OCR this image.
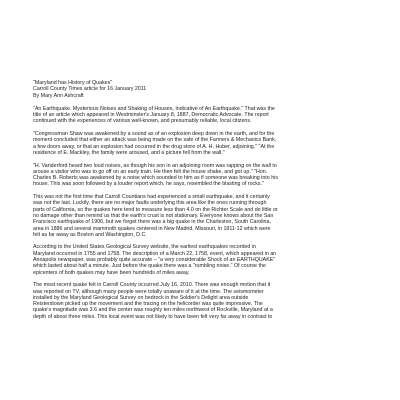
"Maryland has History of Quakes"
Carroll County Times article for 16 January 2011
By Mary Ann Ashcraft
"An Earthquake. Mysterious Noises and Shaking of Houses, Indicative of An Earthquake." That was the
title of an article which appeared in Westminster's January 8, 1887, Democratic Advocate. The report
continued with the experiences of various well-known, and presumably reliable, local citizens.
"Congressman Shaw was awakened by a sound as of an explosion deep down in the earth, and for the
moment concluded that either an attack was being made on the safe of the Farmers & Mechanics Bank,
a few doors away, or that an explosion had occurred in the drug store of A. H. Huber, adjoining." "At the
residence of E. Mackley, the family were aroused, and a picture fell from the wall."
"H. Vanderford heard two loud noises, as though his son in an adjoining room was rapping on the wall to
arouse a visitor who was to go off on an early train. He then felt the house shake, and got up." "Hon.
Charles B. Roberts was awakened by a noise which sounded to him as if someone was breaking into his
house. This was soon followed by a louder report which, he says, resembled the blasting of rocks."
This was not the first time that Carroll Countians had experienced a small earthquake, and it certainly
was not the last. Luckily, there are no major faults underlying this area like the ones running through
parts of California, so the quakes here tend to measure less than 4.0 on the Richter Scale and do little or
no damage other than remind us that the earth's crust is not stationary. Everyone knows about the San
Francisco earthquake of 1906, but we forget there was a big quake in the Charleston, South Carolina,
area in 1886 and several mammoth quakes centered in New Madrid, Missouri, in 1811-12 which were
felt as far away as Boston and Washington, D.C.
According to the United States Geological Survey website, the earliest earthquakes recorded in
Maryland occurred in 1755 and 1758. The description of a March 22, 1758, event, which appeared in an
Annapolis newspaper, was probably quite accurate – "a very considerable Shock of an EARTHQUAKE"
which lasted about half a minute. Just before the quake there was a "rumbling noise." Of course the
epicenters of both quakes may have been hundreds of miles away.
The most recent quake felt in Carroll County occurred July 16, 2010. There was enough motion that it
was reported on TV, although many people were totally unaware of it at the time. The seismometer
installed by the Maryland Geological Survey on bedrock in the Soldier's Delight area outside
Reisterstown picked up the movement and the tracing on the helicorder was quite impressive. The
quake's magnitude was 3.6 and the center was roughly ten miles northwest of Rockville, Maryland at a
depth of about three miles. This local event was not likely to have been felt very far away in contrast to
